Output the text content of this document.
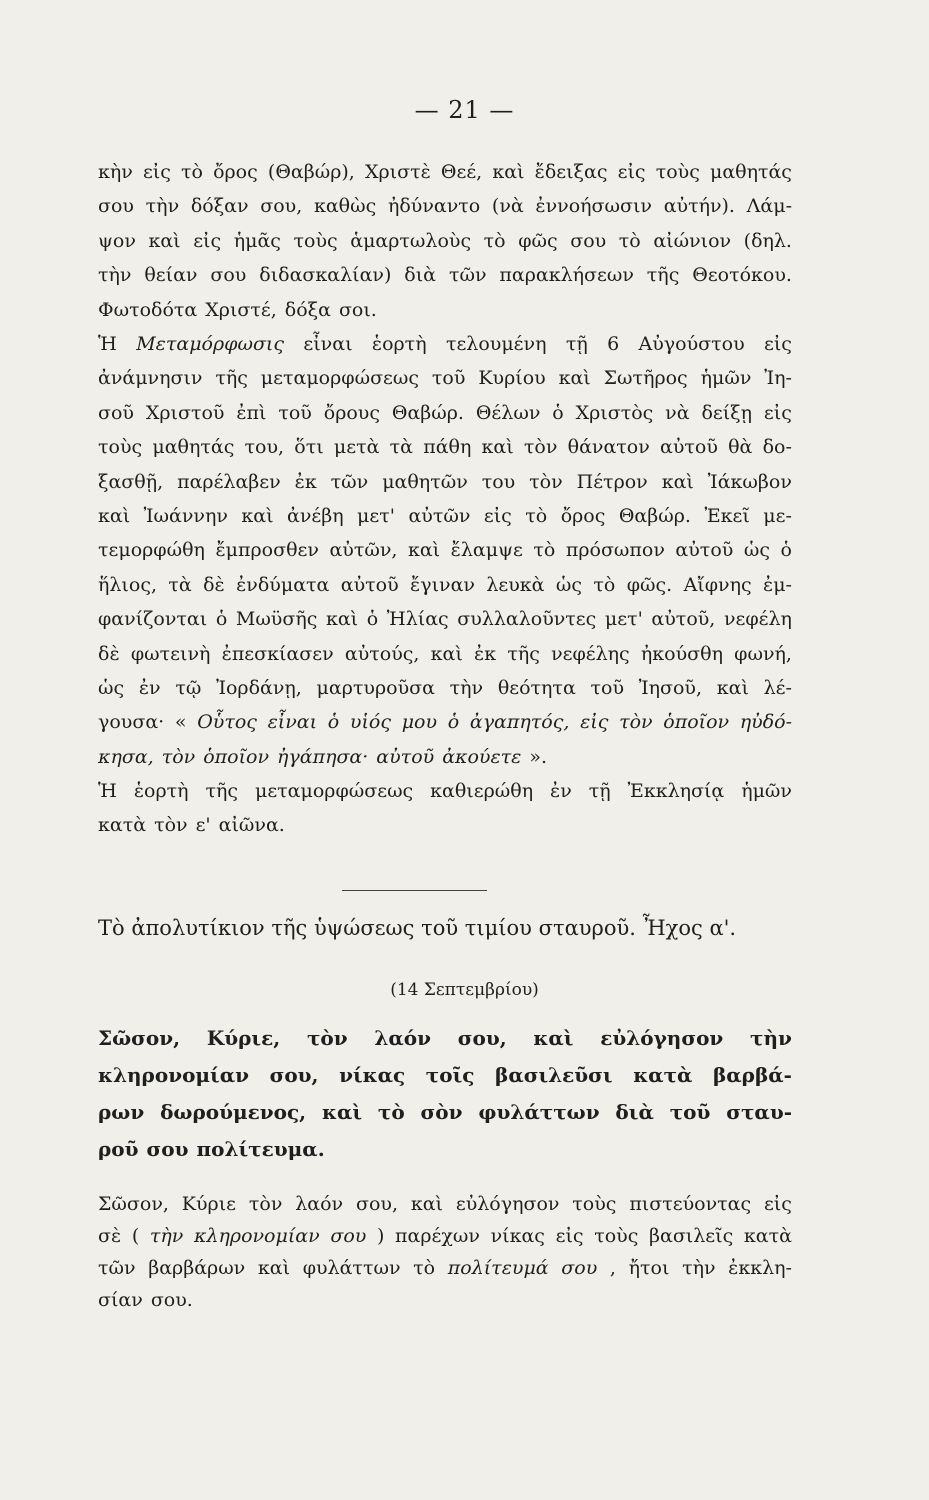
— 21 —
κὴν εἰς τὸ ὄρος (Θαβώρ), Χριστὲ Θεέ, καὶ ἔδειξας εἰς τοὺς μαθητάς
σου τὴν δόξαν σου, καθὼς ἠδύναντο (νὰ ἐννοήσωσιν αὐτήν). Λάμ-
ψον καὶ εἰς ἡμᾶς τοὺς ἁμαρτωλοὺς τὸ φῶς σου τὸ αἰώνιον (δηλ.
τὴν θείαν σου διδασκαλίαν) διὰ τῶν παρακλήσεων τῆς Θεοτόκου.
Φωτοδότα Χριστέ, δόξα σοι.
Ἡ Μεταμόρφωσις εἶναι ἑορτὴ τελουμένη τῇ 6 Αὐγούστου εἰς
ἀνάμνησιν τῆς μεταμορφώσεως τοῦ Κυρίου καὶ Σωτῆρος ἡμῶν Ἰη-
σοῦ Χριστοῦ ἐπὶ τοῦ ὄρους Θαβώρ. Θέλων ὁ Χριστὸς νὰ δείξῃ εἰς
τοὺς μαθητάς του, ὅτι μετὰ τὰ πάθη καὶ τὸν θάνατον αὐτοῦ θὰ δο-
ξασθῇ, παρέλαβεν ἐκ τῶν μαθητῶν του τὸν Πέτρον καὶ Ἰάκωβον
καὶ Ἰωάννην καὶ ἀνέβη μετ' αὐτῶν εἰς τὸ ὄρος Θαβώρ. Ἐκεῖ με-
τεμορφώθη ἔμπροσθεν αὐτῶν, καὶ ἔλαμψε τὸ πρόσωπον αὐτοῦ ὡς ὁ
ἥλιος, τὰ δὲ ἐνδύματα αὐτοῦ ἔγιναν λευκὰ ὡς τὸ φῶς. Αἴφνης ἐμ-
φανίζονται ὁ Μωϋσῆς καὶ ὁ Ἠλίας συλλαλοῦντες μετ' αὐτοῦ, νεφέλη
δὲ φωτεινὴ ἐπεσκίασεν αὐτούς, καὶ ἐκ τῆς νεφέλης ἠκούσθη φωνή,
ὡς ἐν τῷ Ἰορδάνῃ, μαρτυροῦσα τὴν θεότητα τοῦ Ἰησοῦ, καὶ λέ-
γουσα· « Οὗτος εἶναι ὁ υἱός μου ὁ ἀγαπητός, εἰς τὸν ὁποῖον ηὐδό-
κησα, τὸν ὁποῖον ἠγάπησα· αὐτοῦ ἀκούετε ».
Ἡ ἑορτὴ τῆς μεταμορφώσεως καθιερώθη ἐν τῇ Ἐκκλησίᾳ ἡμῶν
κατὰ τὸν ε' αἰῶνα.
Τὸ ἀπολυτίκιον τῆς ὑψώσεως τοῦ τιμίου σταυροῦ. Ἦχος α'.
(14 Σεπτεμβρίου)
Σῶσον, Κύριε, τὸν λαόν σου, καὶ εὐλόγησον τὴν
κληρονομίαν σου, νίκας τοῖς βασιλεῦσι κατὰ βαρβά-
ρων δωρούμενος, καὶ τὸ σὸν φυλάττων διὰ τοῦ σταυ-
ροῦ σου πολίτευμα.
Σῶσον, Κύριε τὸν λαόν σου, καὶ εὐλόγησον τοὺς πιστεύοντας εἰς
σὲ ( τὴν κληρονομίαν σου ) παρέχων νίκας εἰς τοὺς βασιλεῖς κατὰ
τῶν βαρβάρων καὶ φυλάττων τὸ πολίτευμά σου , ἤτοι τὴν ἐκκλη-
σίαν σου.
